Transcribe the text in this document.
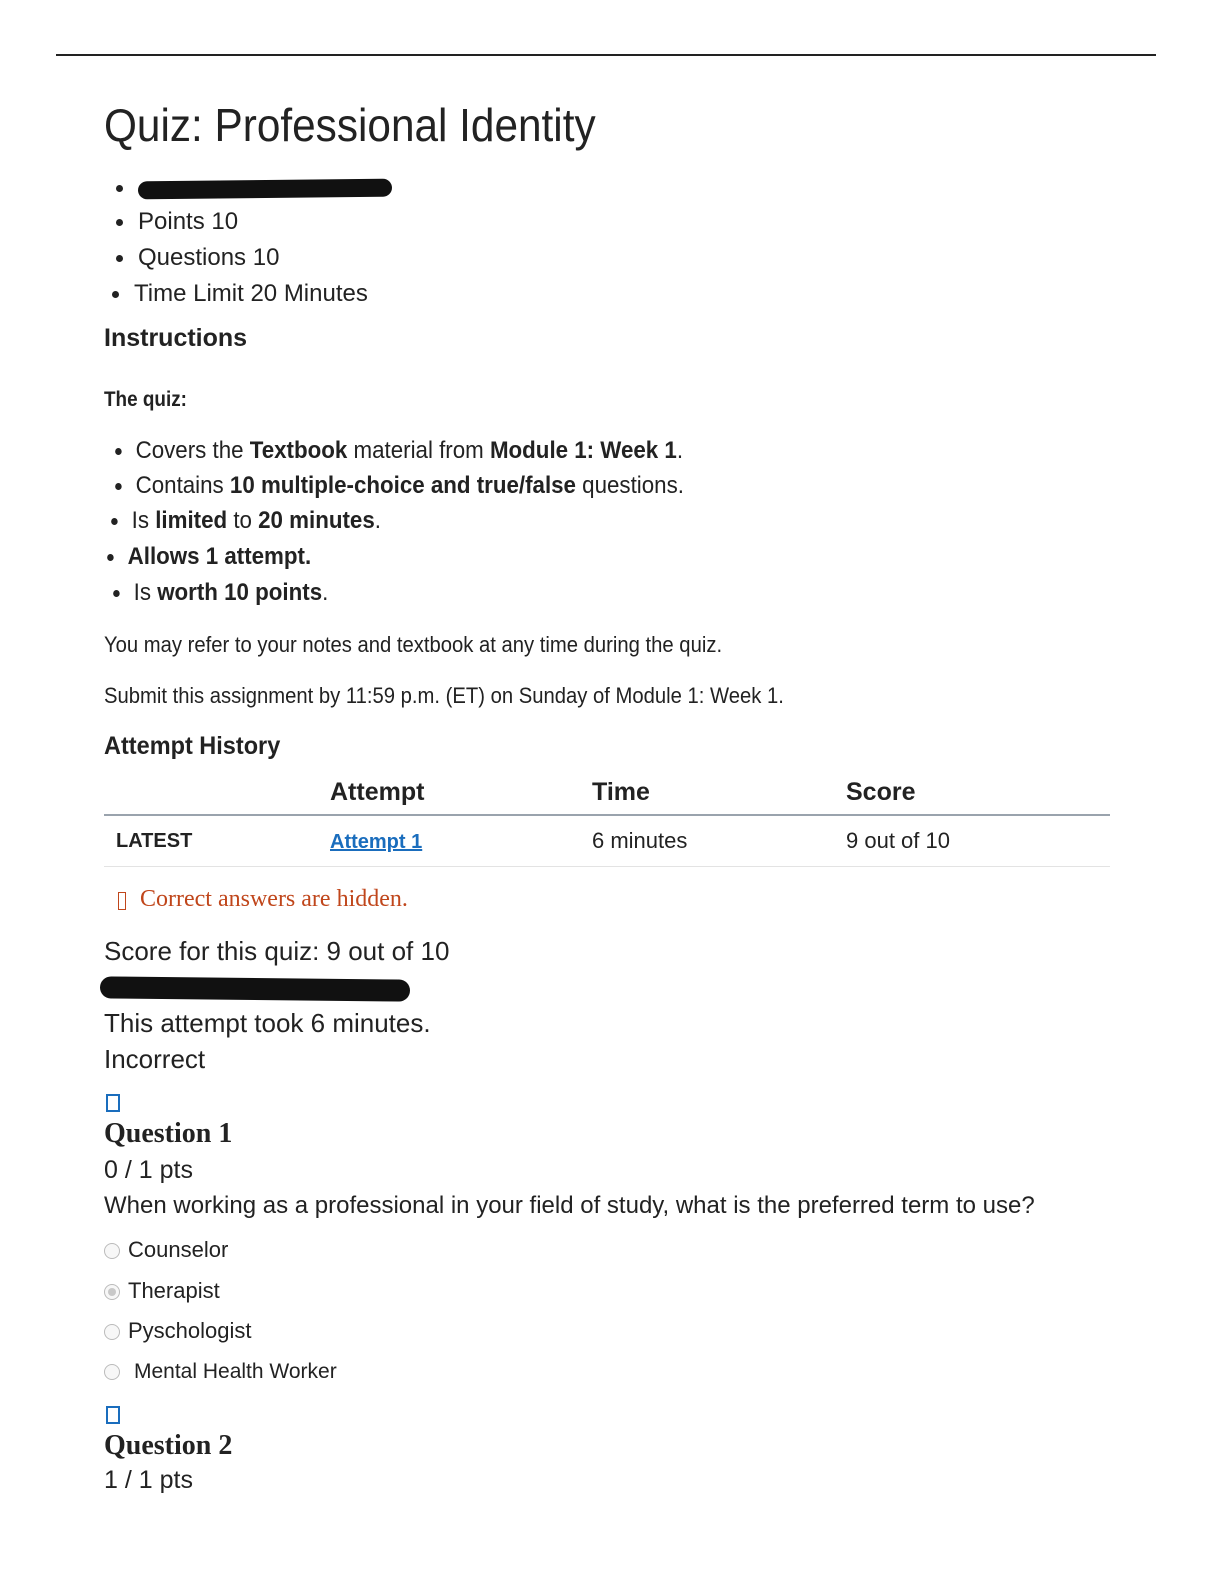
Quiz: Professional Identity
Points 10
Questions 10
Time Limit 20 Minutes
Instructions
The quiz:
Covers the Textbook material from Module 1: Week 1.
Contains 10 multiple-choice and true/false questions.
Is limited to 20 minutes.
Allows 1 attempt.
Is worth 10 points.
You may refer to your notes and textbook at any time during the quiz.
Submit this assignment by 11:59 p.m. (ET) on Sunday of Module 1: Week 1.
Attempt History
	Attempt	Time	Score
LATEST	Attempt 1	6 minutes	9 out of 10
Correct answers are hidden.
Score for this quiz: 9 out of 10
This attempt took 6 minutes.
Incorrect
Question 1
0 / 1 pts
When working as a professional in your field of study, what is the preferred term to use?
Counselor
Therapist
Pyschologist
Mental Health Worker
Question 2
1 / 1 pts
